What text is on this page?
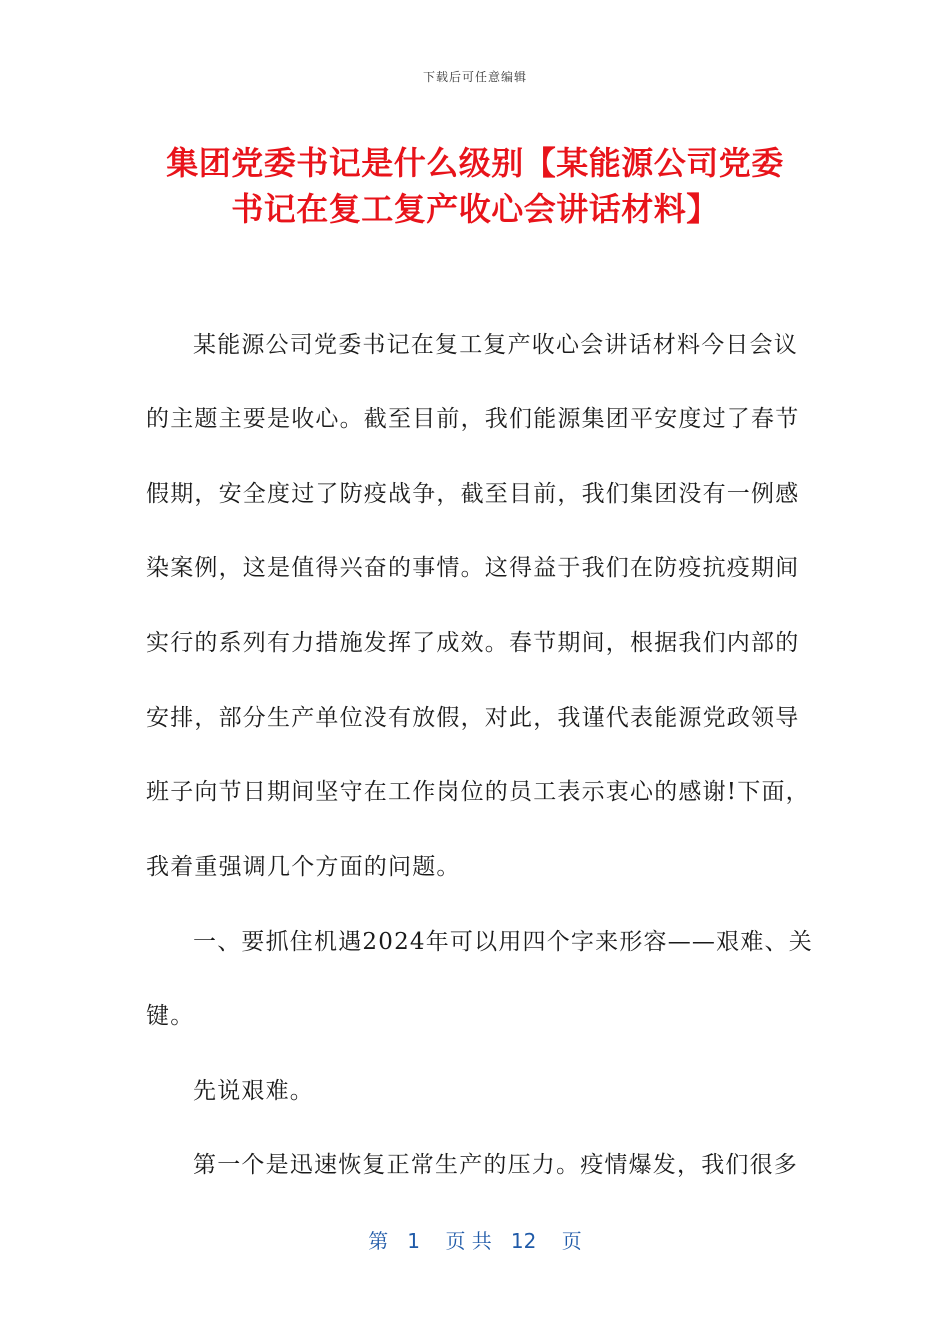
下载后可任意编辑
集团党委书记是什么级别【某能源公司党委
书记在复工复产收心会讲话材料】
某能源公司党委书记在复工复产收心会讲话材料今日会议
的主题主要是收心。截至目前，我们能源集团平安度过了春节
假期，安全度过了防疫战争，截至目前，我们集团没有一例感
染案例，这是值得兴奋的事情。这得益于我们在防疫抗疫期间
实行的系列有力措施发挥了成效。春节期间，根据我们内部的
安排，部分生产单位没有放假，对此，我谨代表能源党政领导
班子向节日期间坚守在工作岗位的员工表示衷心的感谢!下面，
我着重强调几个方面的问题。
一、要抓住机遇2024年可以用四个字来形容——艰难、关
键。
先说艰难。
第一个是迅速恢复正常生产的压力。疫情爆发，我们很多
第 1 页 共 12 页
